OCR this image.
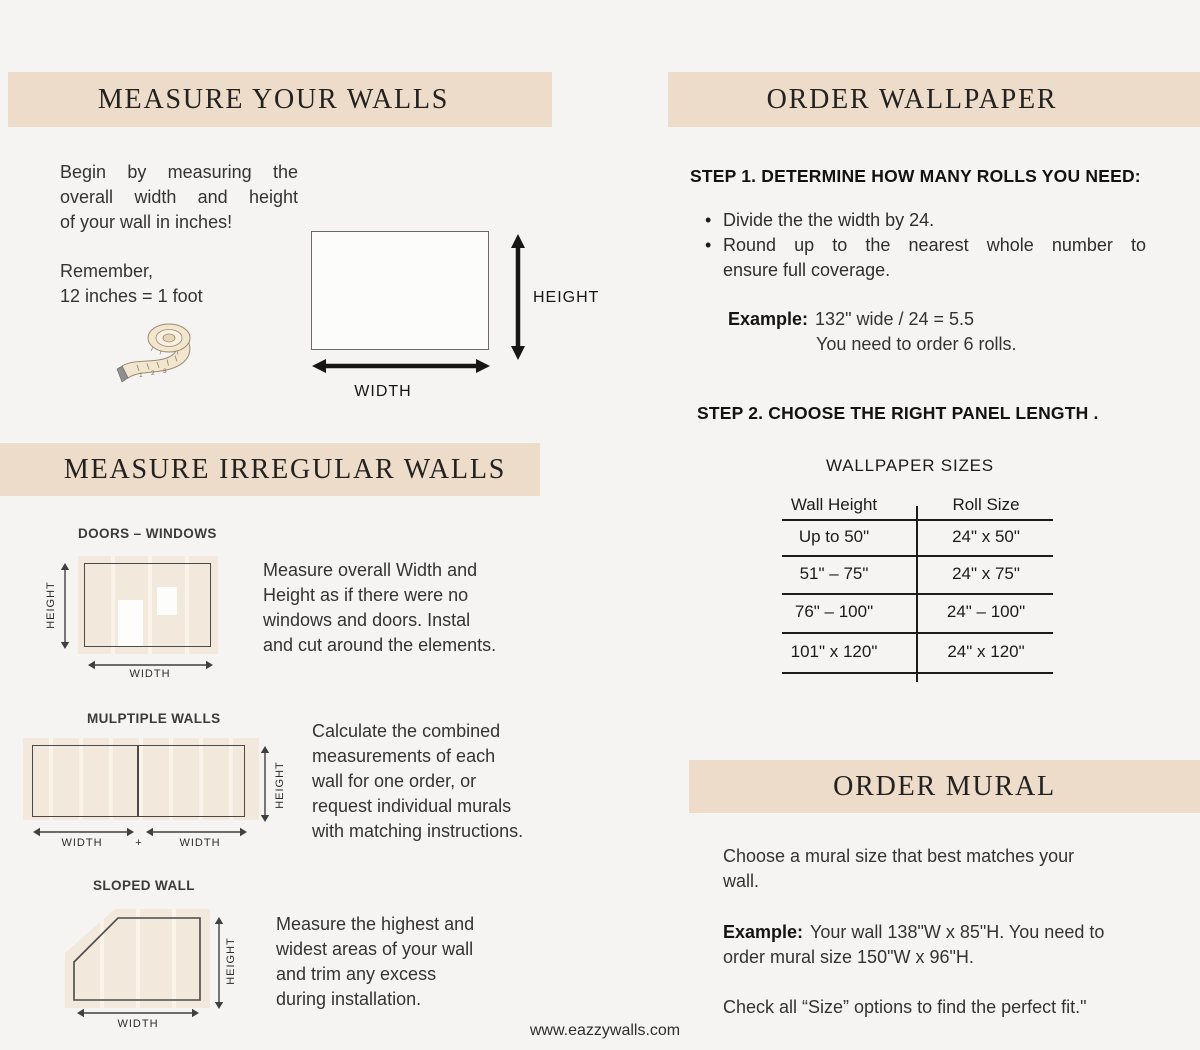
MEASURE YOUR WALLS
Begin by measuring the
overall width and height
of your wall in inches!
Remember,
12 inches = 1 foot
1 2 3
HEIGHT
WIDTH
MEASURE IRREGULAR WALLS
DOORS – WINDOWS
HEIGHT
WIDTH
Measure overall Width and
Height as if there were no
windows and doors. Instal
and cut around the elements.
MULPTIPLE WALLS
HEIGHT
WIDTH	+	WIDTH
Calculate the combined
measurements of each
wall for one order, or
request individual murals
with matching instructions.
SLOPED WALL
HEIGHT
WIDTH
Measure the highest and
widest areas of your wall
and trim any excess
during installation.
ORDER WALLPAPER
STEP 1. DETERMINE HOW MANY ROLLS YOU NEED:
• Divide the the width by 24.
• Round up to the nearest whole number to
ensure full coverage.
Example: 132" wide / 24 = 5.5
You need to order 6 rolls.
STEP 2. CHOOSE THE RIGHT PANEL LENGTH .
WALLPAPER SIZES
Wall Height	Roll Size
Up to 50"	24" x 50"
51" – 75"	24" x 75"
76" – 100"	24" – 100"
101" x 120"	24" x 120"
ORDER MURAL
Choose a mural size that best matches your
wall.
Example: Your wall 138"W x 85"H. You need to
order mural size 150"W x 96"H.
Check all “Size” options to find the perfect fit."
www.eazzywalls.com
